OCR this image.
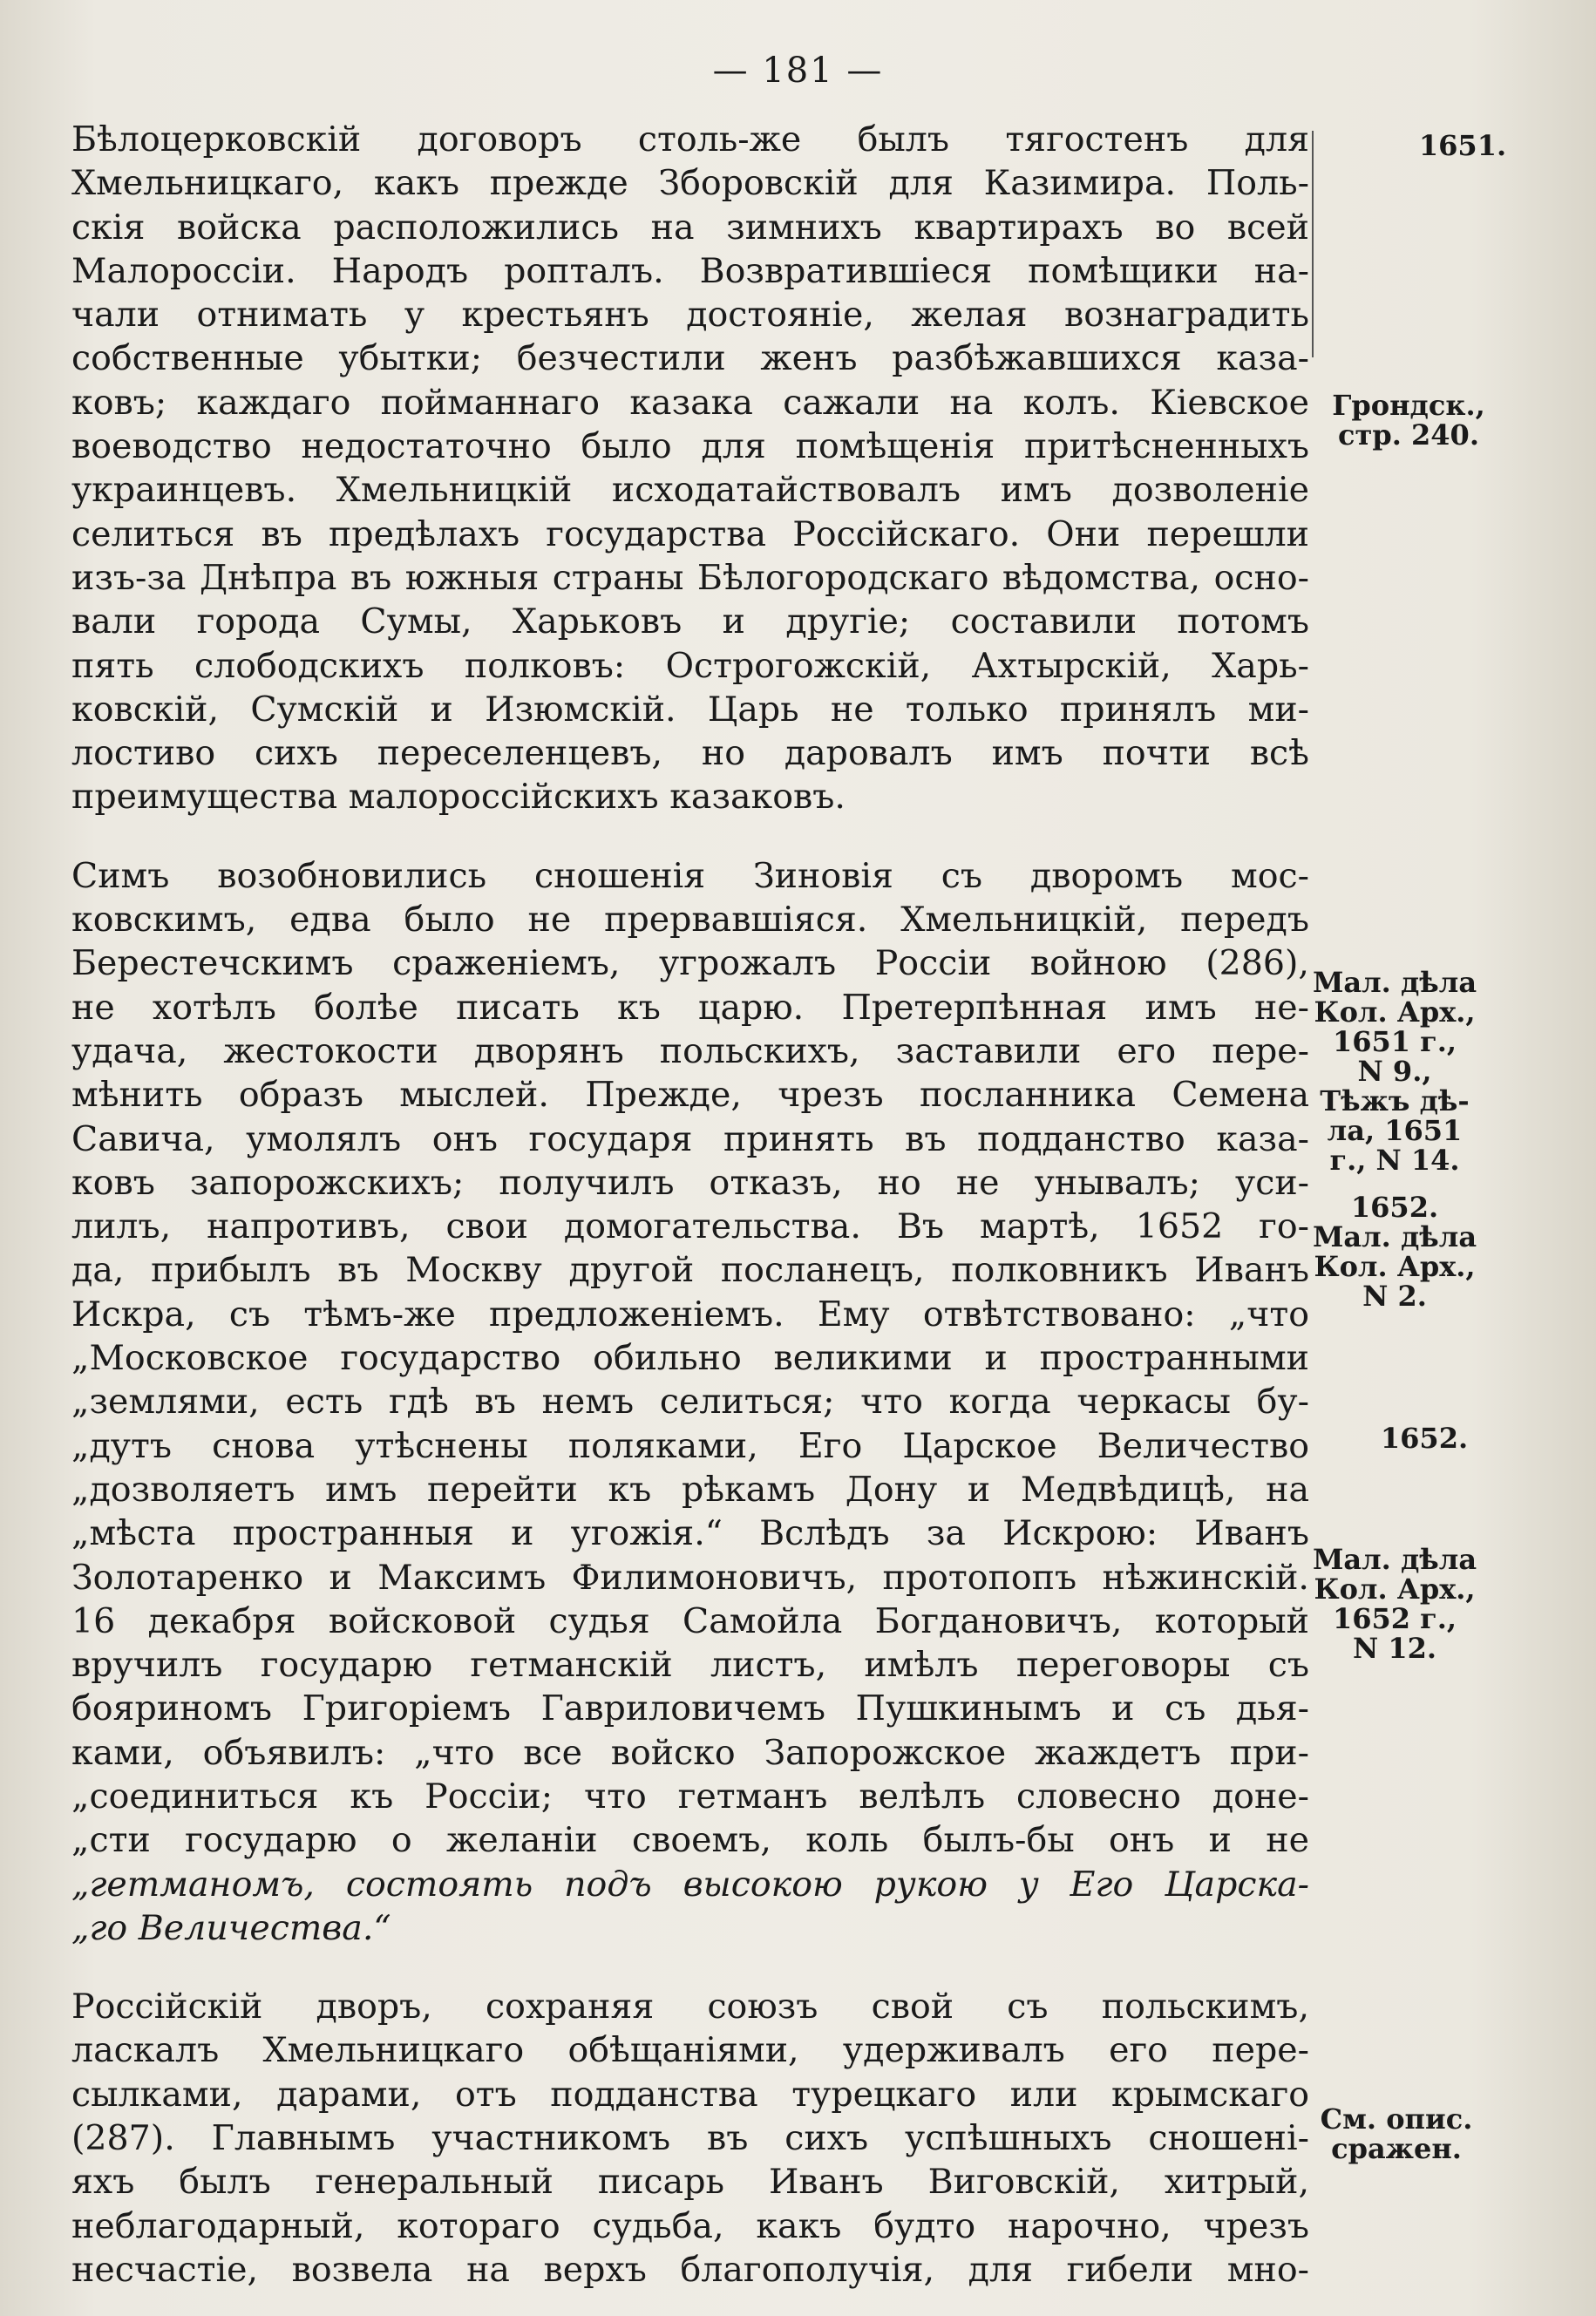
— 181 —
Бѣлоцерковскій договоръ столь-же былъ тягостенъ для
Хмельницкаго, какъ прежде Зборовскій для Казимира. Поль-
скія войска расположились на зимнихъ квартирахъ во всей
Малороссіи. Народъ ропталъ. Возвратившіеся помѣщики на-
чали отнимать у крестьянъ достояніе, желая вознаградить
собственные убытки; безчестили женъ разбѣжавшихся каза-
ковъ; каждаго пойманнаго казака сажали на колъ. Кіевское
воеводство недостаточно было для помѣщенія притѣсненныхъ
украинцевъ. Хмельницкій исходатайствовалъ имъ дозволеніе
селиться въ предѣлахъ государства Россійскаго. Они перешли
изъ-за Днѣпра въ южныя страны Бѣлогородскаго вѣдомства, осно-
вали города Сумы, Харьковъ и другіе; составили потомъ
пять слободскихъ полковъ: Острогожскій, Ахтырскій, Харь-
ковскій, Сумскій и Изюмскій. Царь не только принялъ ми-
лостиво сихъ переселенцевъ, но даровалъ имъ почти всѣ
преимущества малороссійскихъ казаковъ.
Симъ возобновились сношенія Зиновія съ дворомъ мос-
ковскимъ, едва было не прервавшіяся. Хмельницкій, передъ
Берестечскимъ сраженіемъ, угрожалъ Россіи войною (286),
не хотѣлъ болѣе писать къ царю. Претерпѣнная имъ не-
удача, жестокости дворянъ польскихъ, заставили его пере-
мѣнить образъ мыслей. Прежде, чрезъ посланника Семена
Савича, умолялъ онъ государя принять въ подданство каза-
ковъ запорожскихъ; получилъ отказъ, но не унывалъ; уси-
лилъ, напротивъ, свои домогательства. Въ мартѣ, 1652 го-
да, прибылъ въ Москву другой посланецъ, полковникъ Иванъ
Искра, съ тѣмъ-же предложеніемъ. Ему отвѣтствовано: „что
„Московское государство обильно великими и пространными
„землями, есть гдѣ въ немъ селиться; что когда черкасы бу-
„дутъ снова утѣснены поляками, Его Царское Величество
„дозволяетъ имъ перейти къ рѣкамъ Дону и Медвѣдицѣ, на
„мѣста пространныя и угожія.“ Вслѣдъ за Искрою: Иванъ
Золотаренко и Максимъ Филимоновичъ, протопопъ нѣжинскій.
16 декабря войсковой судья Самойла Богдановичъ, который
вручилъ государю гетманскій листъ, имѣлъ переговоры съ
бояриномъ Григоріемъ Гавриловичемъ Пушкинымъ и съ дья-
ками, объявилъ: „что все войско Запорожское жаждетъ при-
„соединиться къ Россіи; что гетманъ велѣлъ словесно доне-
„сти государю о желаніи своемъ, коль былъ-бы онъ и не
„гетманомъ, состоять подъ высокою рукою у Его Царска-
„го Величества.“
Россійскій дворъ, сохраняя союзъ свой съ польскимъ,
ласкалъ Хмельницкаго обѣщаніями, удерживалъ его пере-
сылками, дарами, отъ подданства турецкаго или крымскаго
(287). Главнымъ участникомъ въ сихъ успѣшныхъ сношені-
яхъ былъ генеральный писарь Иванъ Виговскій, хитрый,
неблагодарный, котораго судьба, какъ будто нарочно, чрезъ
несчастіе, возвела на верхъ благополучія, для гибели мно-
1651.
Грондск.,
стр. 240.
Мал. дѣла
Кол. Арх.,
1651 г.,
N 9.,
Тѣжъ дѣ-
ла, 1651
г., N 14.
1652.
Мал. дѣла
Кол. Арх.,
N 2.
1652.
Мал. дѣла
Кол. Арх.,
1652 г.,
N 12.
См. опис.
сражен.
